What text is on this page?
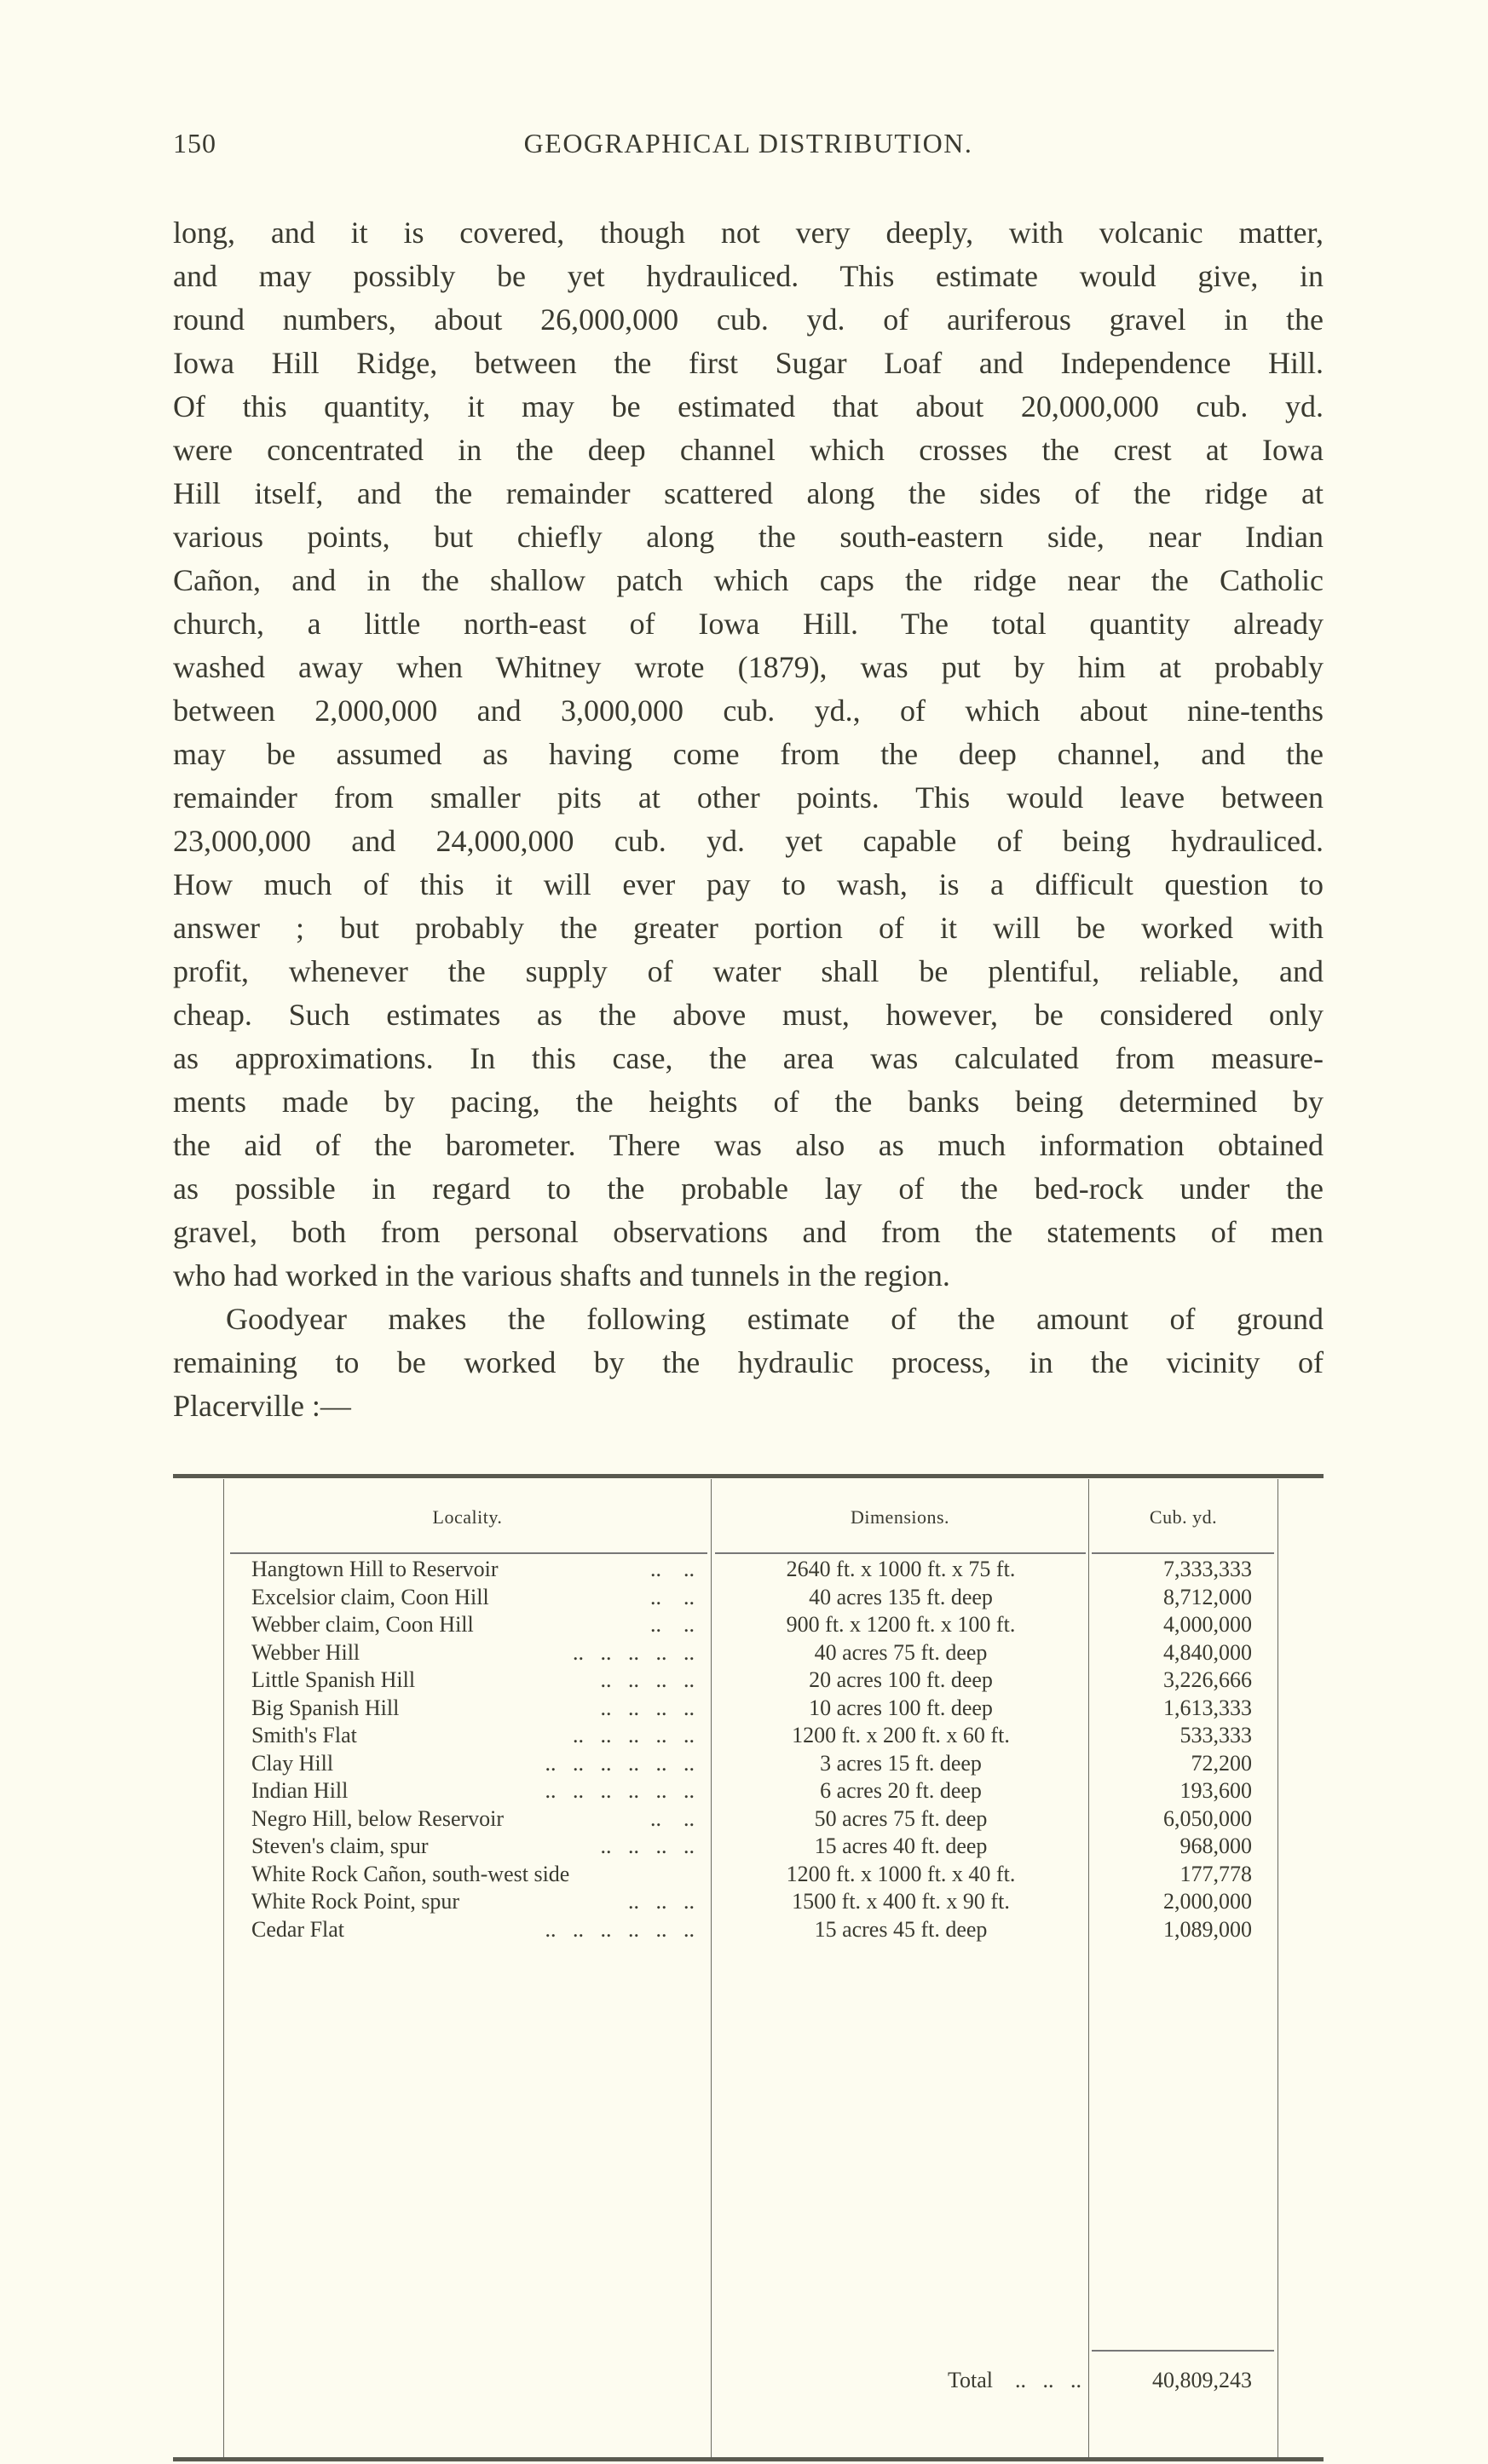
150	GEOGRAPHICAL DISTRIBUTION.
long, and it is covered, though not very deeply, with volcanic matter,
and may possibly be yet hydrauliced. This estimate would give, in
round numbers, about 26,000,000 cub. yd. of auriferous gravel in the
Iowa Hill Ridge, between the first Sugar Loaf and Independence Hill.
Of this quantity, it may be estimated that about 20,000,000 cub. yd.
were concentrated in the deep channel which crosses the crest at Iowa
Hill itself, and the remainder scattered along the sides of the ridge at
various points, but chiefly along the south-eastern side, near Indian
Cañon, and in the shallow patch which caps the ridge near the Catholic
church, a little north-east of Iowa Hill. The total quantity already
washed away when Whitney wrote (1879), was put by him at probably
between 2,000,000 and 3,000,000 cub. yd., of which about nine-tenths
may be assumed as having come from the deep channel, and the
remainder from smaller pits at other points. This would leave between
23,000,000 and 24,000,000 cub. yd. yet capable of being hydrauliced.
How much of this it will ever pay to wash, is a difficult question to
answer ; but probably the greater portion of it will be worked with
profit, whenever the supply of water shall be plentiful, reliable, and
cheap. Such estimates as the above must, however, be considered only
as approximations. In this case, the area was calculated from measure-
ments made by pacing, the heights of the banks being determined by
the aid of the barometer. There was also as much information obtained
as possible in regard to the probable lay of the bed-rock under the
gravel, both from personal observations and from the statements of men
who had worked in the various shafts and tunnels in the region.
Goodyear makes the following estimate of the amount of ground
remaining to be worked by the hydraulic process, in the vicinity of
Placerville :—
Locality.	Dimensions.	Cub. yd.
Hangtown Hill to Reservoir	..    ..	2640 ft. x 1000 ft. x 75 ft.	7,333,333
Excelsior claim, Coon Hill	..    ..	40 acres 135 ft. deep	8,712,000
Webber claim, Coon Hill	..    ..	900 ft. x 1200 ft. x 100 ft.	4,000,000
Webber Hill	..   ..   ..   ..   ..	40 acres 75 ft. deep	4,840,000
Little Spanish Hill	..   ..   ..   ..	20 acres 100 ft. deep	3,226,666
Big Spanish Hill	..   ..   ..   ..	10 acres 100 ft. deep	1,613,333
Smith's Flat	..   ..   ..   ..   ..	1200 ft. x 200 ft. x 60 ft.	533,333
Clay Hill	..   ..   ..   ..   ..   ..	3 acres 15 ft. deep	72,200
Indian Hill	..   ..   ..   ..   ..   ..	6 acres 20 ft. deep	193,600
Negro Hill, below Reservoir	..    ..	50 acres 75 ft. deep	6,050,000
Steven's claim, spur	..   ..   ..   ..	15 acres 40 ft. deep	968,000
White Rock Cañon, south-west side	1200 ft. x 1000 ft. x 40 ft.	177,778
White Rock Point, spur	..   ..   ..	1500 ft. x 400 ft. x 90 ft.	2,000,000
Cedar Flat	..   ..   ..   ..   ..   ..	15 acres 45 ft. deep	1,089,000
Total    ..   ..   ..	40,809,243
